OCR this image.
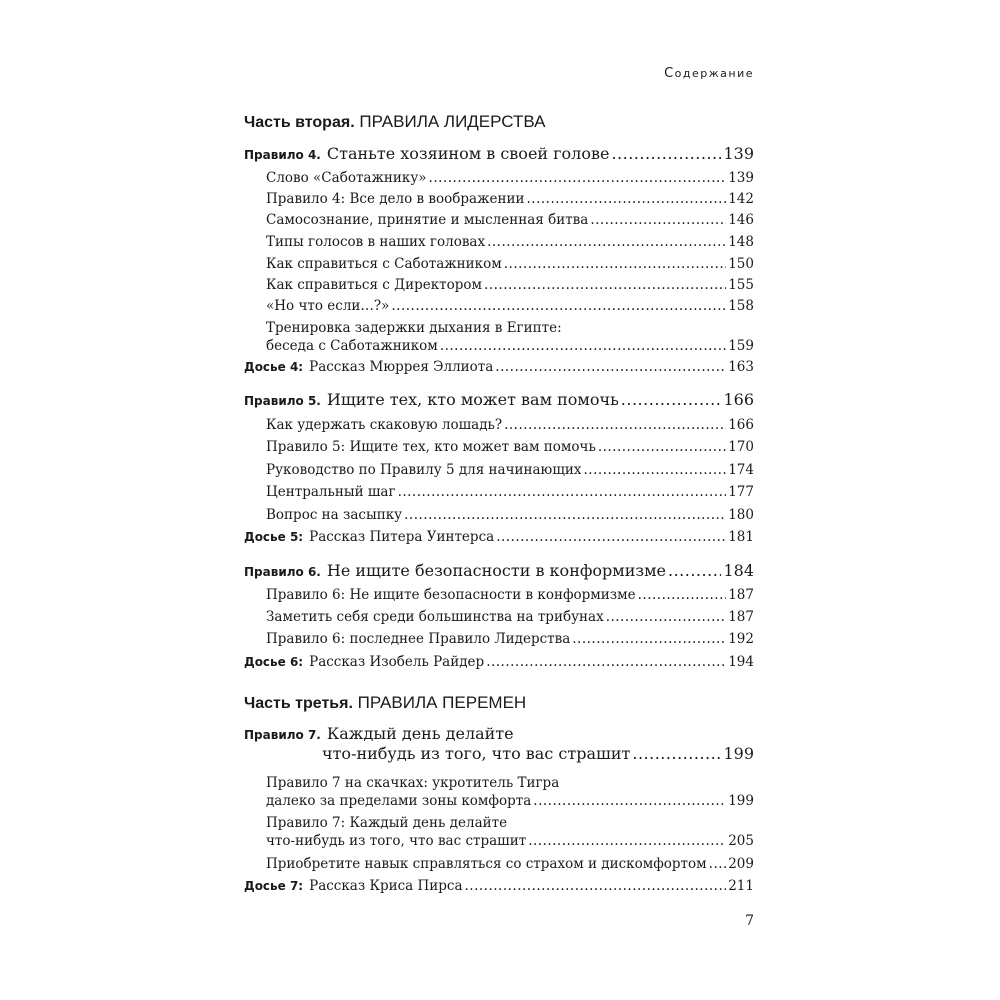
Содержание
Часть вторая. ПРАВИЛА ЛИДЕРСТВА
Правило 4. Станьте хозяином в своей голове .....	139
Слово «Саботажнику» .....	139
Правило 4: Все дело в воображении .....	142
Самосознание, принятие и мысленная битва .....	146
Типы голосов в наших головах .....	148
Как справиться с Саботажником .....	150
Как справиться с Директором .....	155
«Но что если…?» .....	158
Тренировка задержки дыхания в Египте:
беседа с Саботажником .....	159
Досье 4: Рассказ Мюррея Эллиота .....	163
Правило 5. Ищите тех, кто может вам помочь .....	166
Как удержать скаковую лошадь? .....	166
Правило 5: Ищите тех, кто может вам помочь .....	170
Руководство по Правилу 5 для начинающих .....	174
Центральный шаг .....	177
Вопрос на засыпку .....	180
Досье 5: Рассказ Питера Уинтерса .....	181
Правило 6. Не ищите безопасности в конформизме .....	184
Правило 6: Не ищите безопасности в конформизме .....	187
Заметить себя среди большинства на трибунах .....	187
Правило 6: последнее Правило Лидерства .....	192
Досье 6: Рассказ Изобель Райдер .....	194
Часть третья. ПРАВИЛА ПЕРЕМЕН
Правило 7. Каждый день делайте
что-нибудь из того, что вас страшит .....	199
Правило 7 на скачках: укротитель Тигра
далеко за пределами зоны комфорта .....	199
Правило 7: Каждый день делайте
что-нибудь из того, что вас страшит .....	205
Приобретите навык справляться со страхом и дискомфортом ..... 209
Досье 7: Рассказ Криса Пирса .....	211
7
